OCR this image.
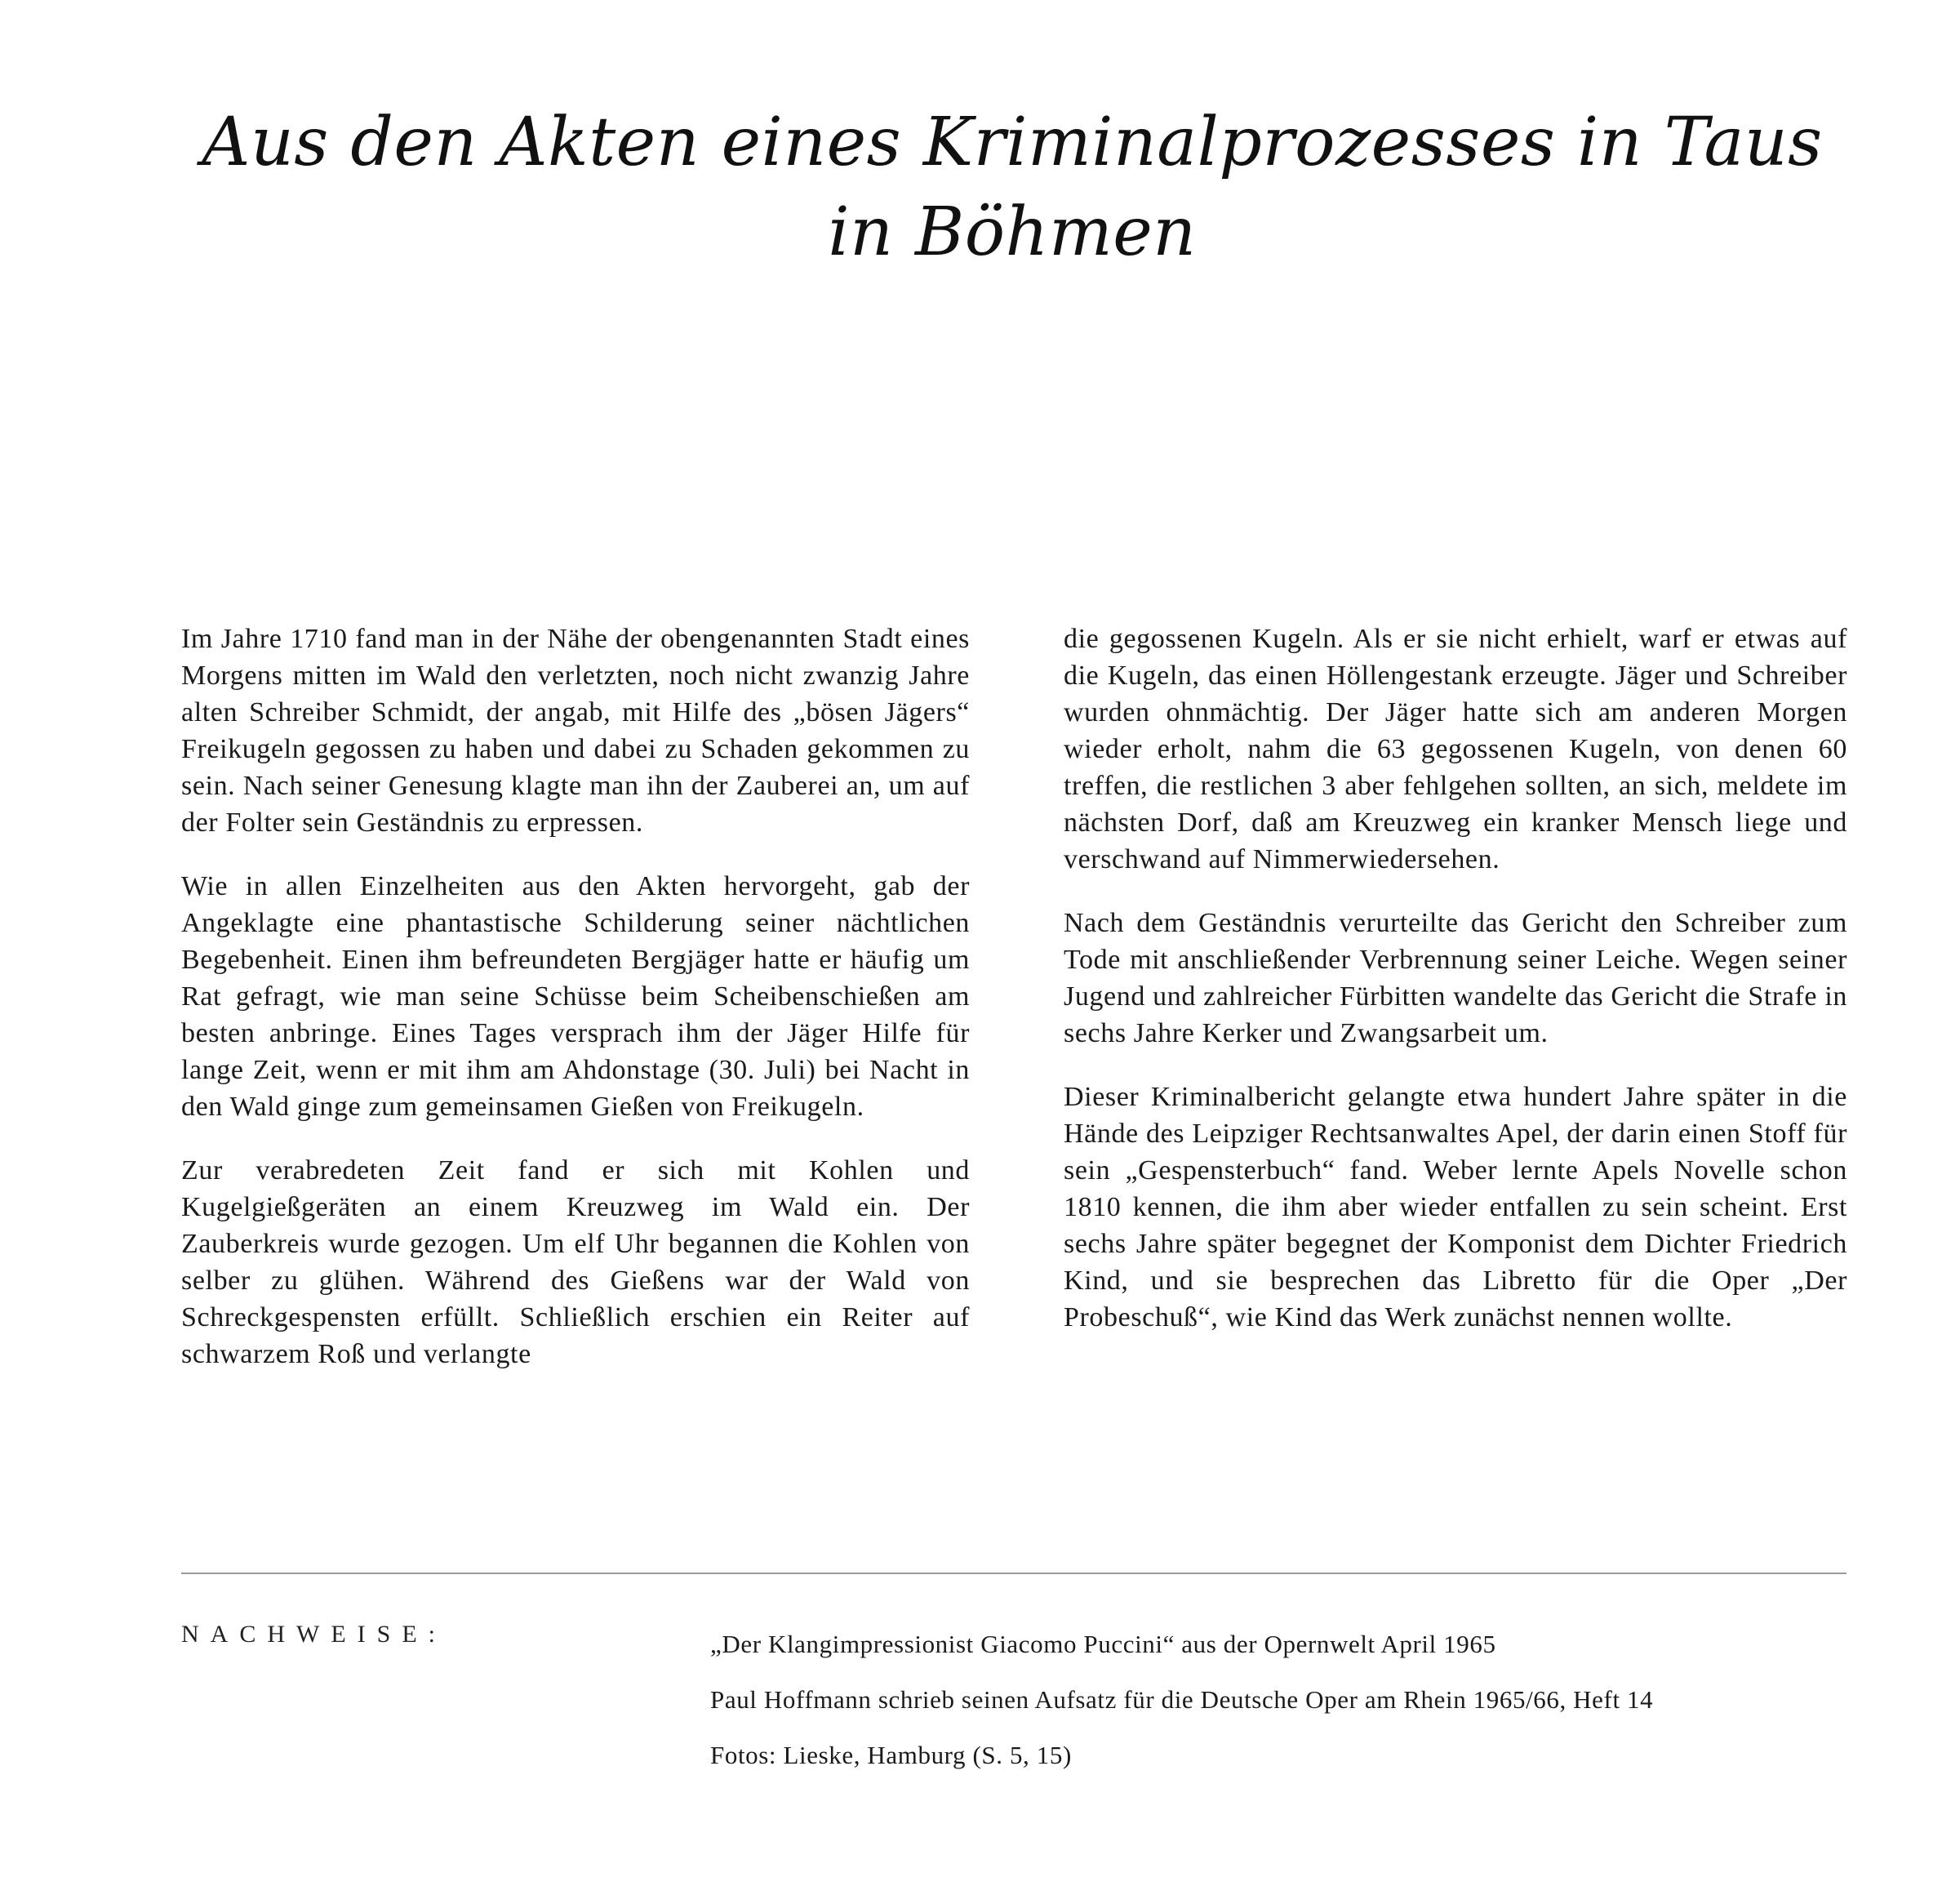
Aus den Akten eines Kriminalprozesses in Taus in Böhmen

Im Jahre 1710 fand man in der Nähe der obengenannten Stadt eines Morgens mitten im Wald den verletzten, noch nicht zwanzig Jahre alten Schreiber Schmidt, der angab, mit Hilfe des „bösen Jägers“ Freikugeln gegossen zu haben und dabei zu Schaden gekommen zu sein. Nach seiner Genesung klagte man ihn der Zauberei an, um auf der Folter sein Geständnis zu erpressen.

Wie in allen Einzelheiten aus den Akten hervorgeht, gab der Angeklagte eine phantastische Schilderung seiner nächtlichen Begebenheit. Einen ihm befreundeten Bergjäger hatte er häufig um Rat gefragt, wie man seine Schüsse beim Scheibenschießen am besten anbringe. Eines Tages versprach ihm der Jäger Hilfe für lange Zeit, wenn er mit ihm am Ahdonstage (30. Juli) bei Nacht in den Wald ginge zum gemeinsamen Gießen von Freikugeln.

Zur verabredeten Zeit fand er sich mit Kohlen und Kugelgießgeräten an einem Kreuzweg im Wald ein. Der Zauberkreis wurde gezogen. Um elf Uhr begannen die Kohlen von selber zu glühen. Während des Gießens war der Wald von Schreckgespensten erfüllt. Schließlich erschien ein Reiter auf schwarzem Roß und verlangte

die gegossenen Kugeln. Als er sie nicht erhielt, warf er etwas auf die Kugeln, das einen Höllengestank erzeugte. Jäger und Schreiber wurden ohnmächtig. Der Jäger hatte sich am anderen Morgen wieder erholt, nahm die 63 gegossenen Kugeln, von denen 60 treffen, die restlichen 3 aber fehlgehen sollten, an sich, meldete im nächsten Dorf, daß am Kreuzweg ein kranker Mensch liege und verschwand auf Nimmerwiedersehen.

Nach dem Geständnis verurteilte das Gericht den Schreiber zum Tode mit anschließender Verbrennung seiner Leiche. Wegen seiner Jugend und zahlreicher Fürbitten wandelte das Gericht die Strafe in sechs Jahre Kerker und Zwangsarbeit um.

Dieser Kriminalbericht gelangte etwa hundert Jahre später in die Hände des Leipziger Rechtsanwaltes Apel, der darin einen Stoff für sein „Gespensterbuch“ fand. Weber lernte Apels Novelle schon 1810 kennen, die ihm aber wieder entfallen zu sein scheint. Erst sechs Jahre später begegnet der Komponist dem Dichter Friedrich Kind, und sie besprechen das Libretto für die Oper „Der Probeschuß“, wie Kind das Werk zunächst nennen wollte.

NACHWEISE:	„Der Klangimpressionist Giacomo Puccini“ aus der Opernwelt April 1965
Paul Hoffmann schrieb seinen Aufsatz für die Deutsche Oper am Rhein 1965/66, Heft 14
Fotos: Lieske, Hamburg (S. 5, 15)
